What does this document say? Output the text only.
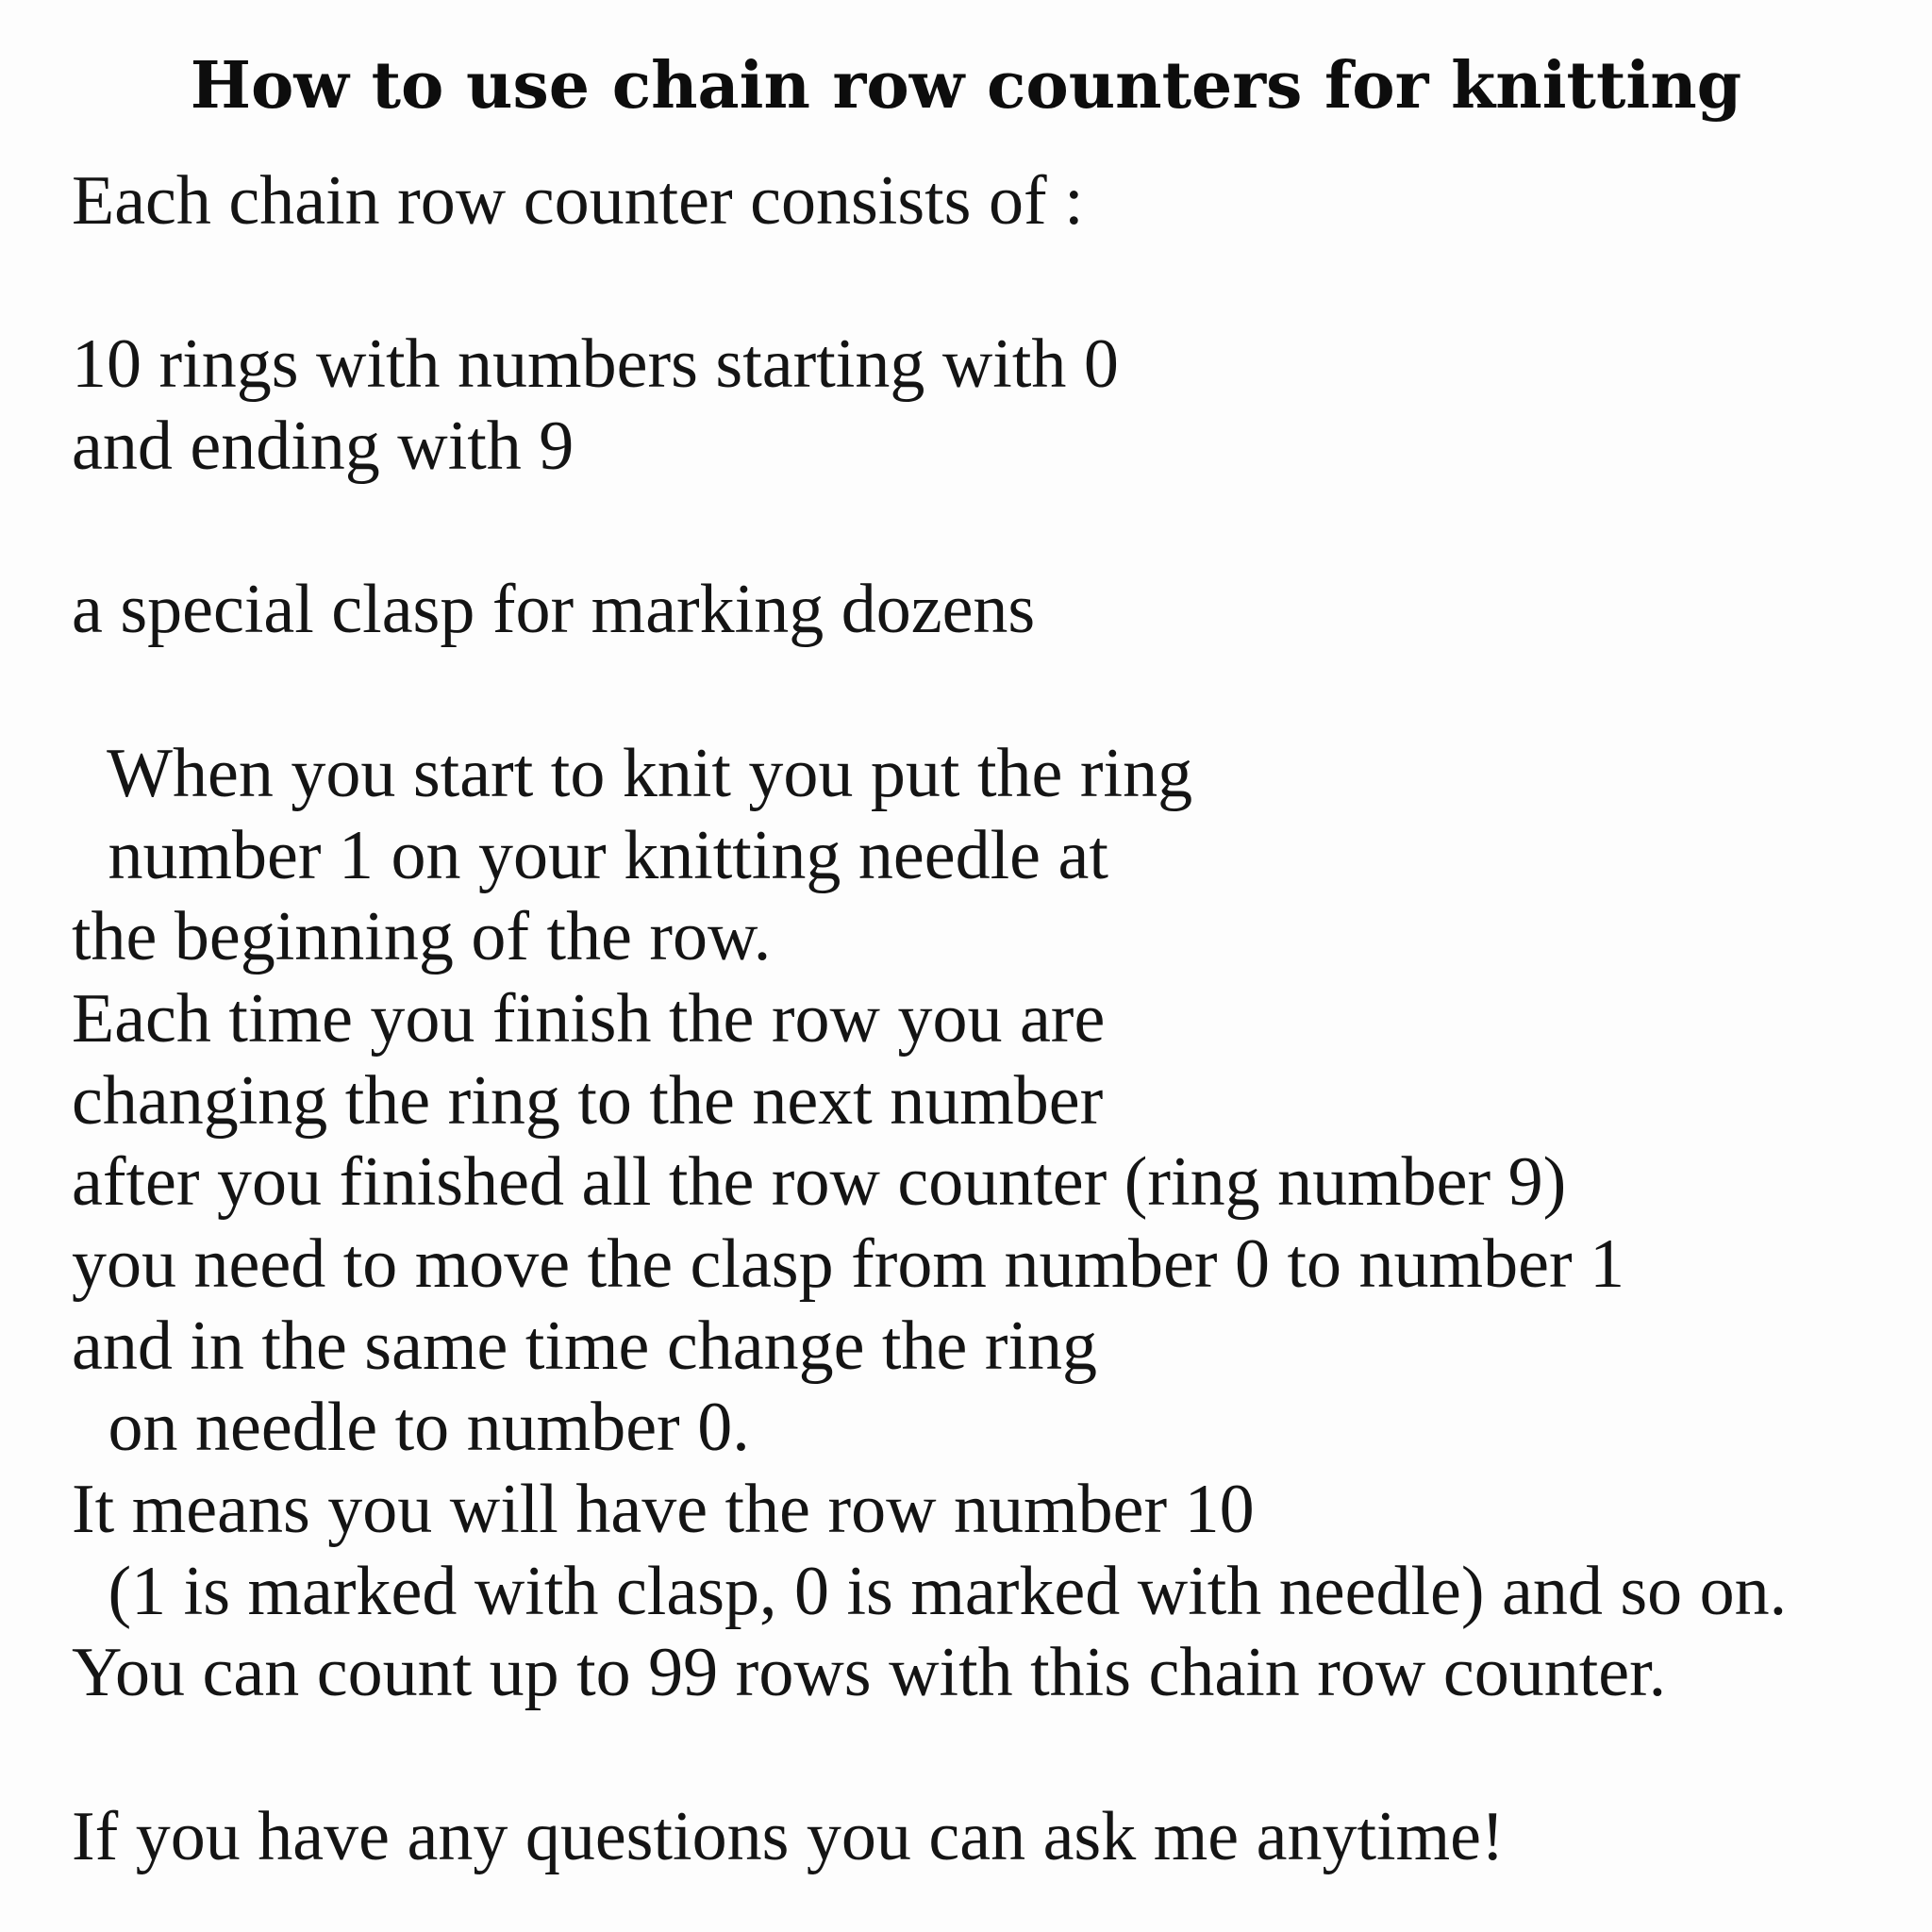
How to use chain row counters for knitting
Each chain row counter consists of :
10 rings with numbers starting with 0
and ending with 9
a special clasp for marking dozens
When you start to knit you put the ring
number 1 on your knitting needle at
the beginning of the row.
Each time you finish the row you are
changing the ring to the next number
after you finished all the row counter (ring number 9)
you need to move the clasp from number 0 to number 1
and in the same time change the ring
on needle to number 0.
It means you will have the row number 10
(1 is marked with clasp, 0 is marked with needle) and so on.
You can count up to 99 rows with this chain row counter.
If you have any questions you can ask me anytime!
